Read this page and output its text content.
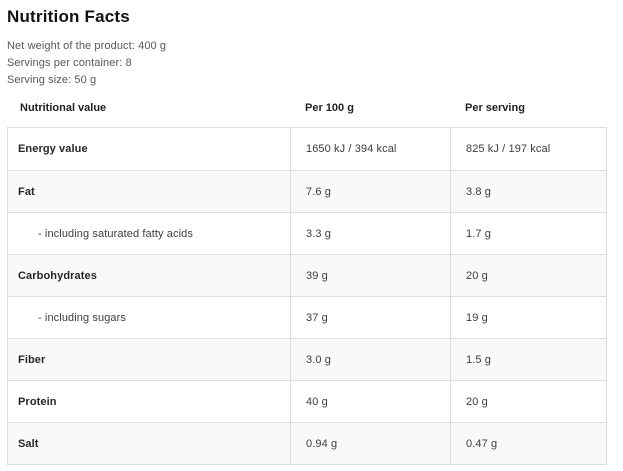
Nutrition Facts
Net weight of the product: 400 g
Servings per container: 8
Serving size: 50 g
Nutritional value	Per 100 g	Per serving
Energy value	1650 kJ / 394 kcal	825 kJ / 197 kcal
Fat	7.6 g	3.8 g
- including saturated fatty acids	3.3 g	1.7 g
Carbohydrates	39 g	20 g
- including sugars	37 g	19 g
Fiber	3.0 g	1.5 g
Protein	40 g	20 g
Salt	0.94 g	0.47 g
